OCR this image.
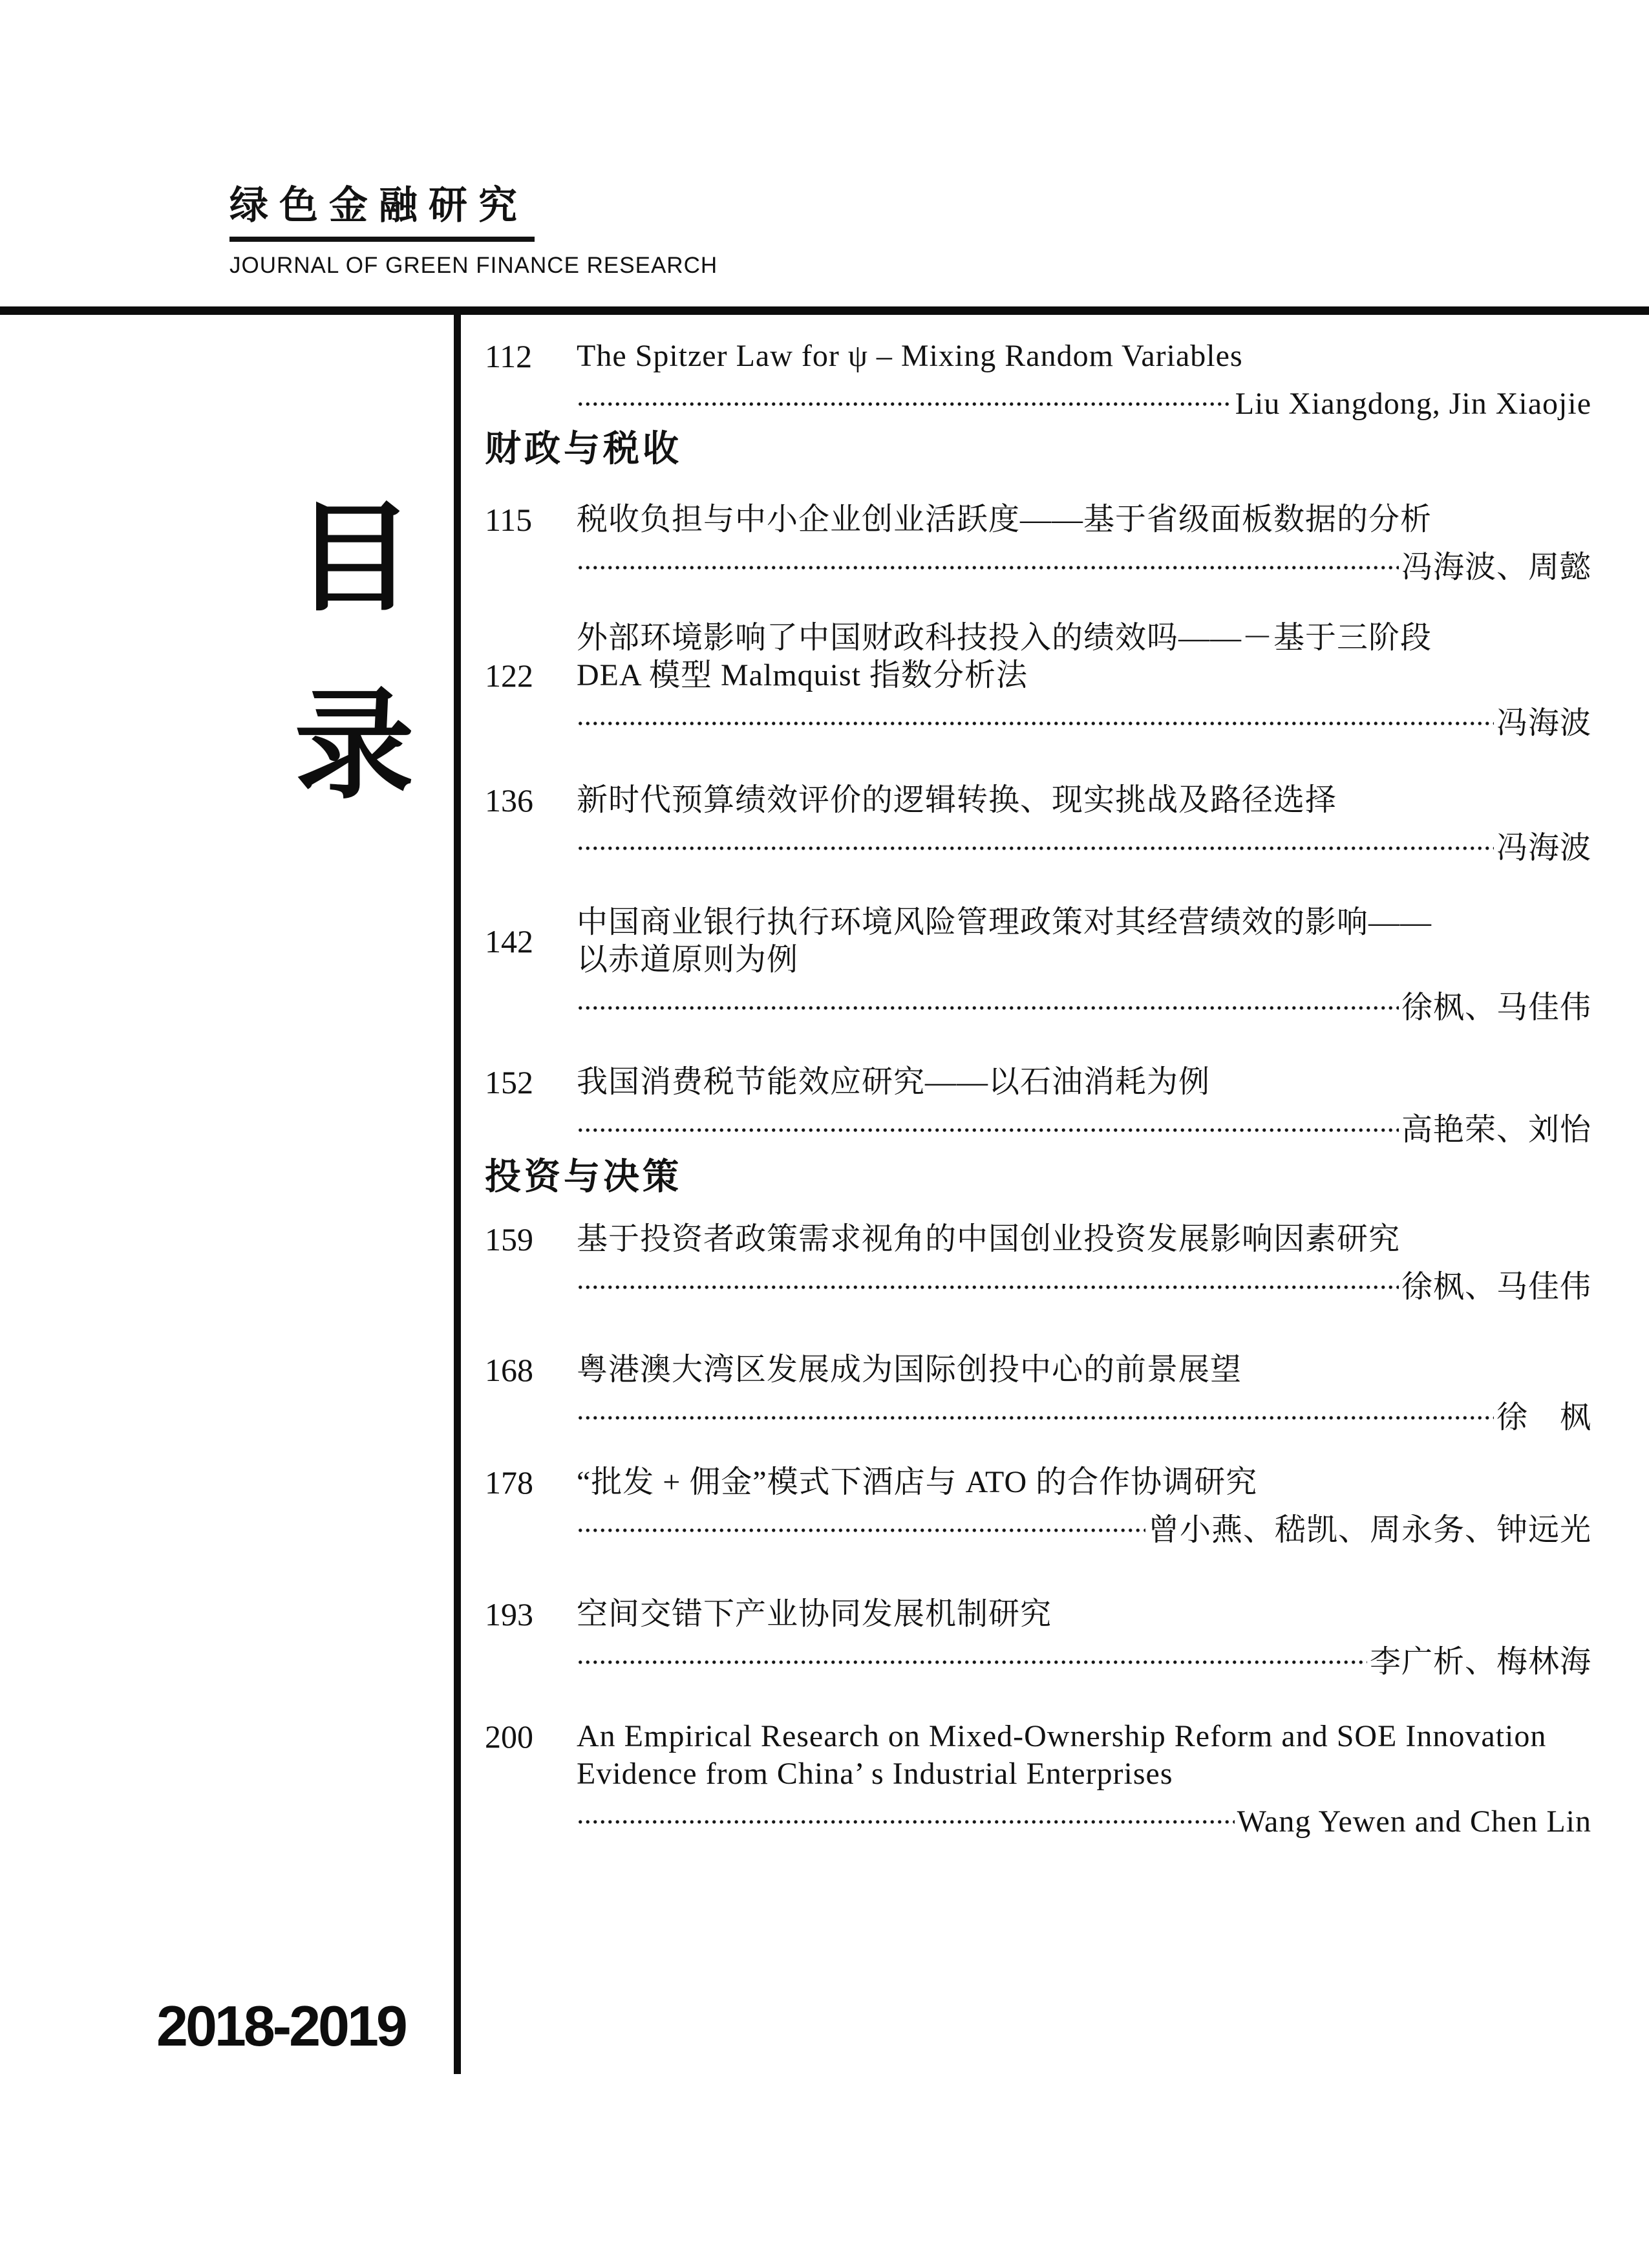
绿色金融研究
JOURNAL OF GREEN FINANCE RESEARCH
目
录
2018-2019
112	The Spitzer Law for ψ – Mixing Random Variables
Liu Xiangdong, Jin Xiaojie
财政与税收
115	税收负担与中小企业创业活跃度——基于省级面板数据的分析
冯海波、周懿
122
外部环境影响了中国财政科技投入的绩效吗——－基于三阶段
DEA 模型 Malmquist 指数分析法
冯海波
136	新时代预算绩效评价的逻辑转换、现实挑战及路径选择
冯海波
142
中国商业银行执行环境风险管理政策对其经营绩效的影响——
以赤道原则为例
徐枫、马佳伟
152	我国消费税节能效应研究——以石油消耗为例
高艳荣、刘怡
投资与决策
159	基于投资者政策需求视角的中国创业投资发展影响因素研究
徐枫、马佳伟
168	粤港澳大湾区发展成为国际创投中心的前景展望
徐　枫
178	“批发 + 佣金”模式下酒店与 ATO 的合作协调研究
曾小燕、嵇凯、周永务、钟远光
193	空间交错下产业协同发展机制研究
李广析、梅林海
200	An Empirical Research on Mixed-Ownership Reform and SOE Innovation
Evidence from China’ s Industrial Enterprises
Wang Yewen and Chen Lin
